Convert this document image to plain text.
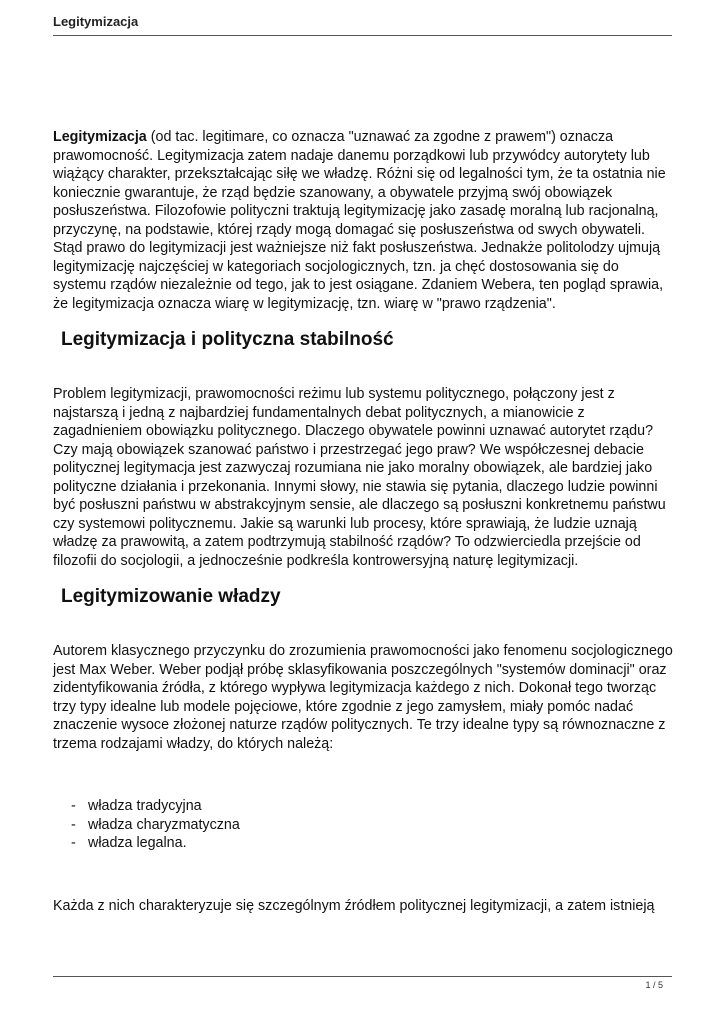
Legitymizacja

Legitymizacja (od tac. legitimare, co oznacza "uznawać za zgodne z prawem") oznacza prawomocność. Legitymizacja zatem nadaje danemu porządkowi lub przywódcy autorytety lub wiążący charakter, przekształcając siłę we władzę. Różni się od legalności tym, że ta ostatnia nie koniecznie gwarantuje, że rząd będzie szanowany, a obywatele przyjmą swój obowiązek posłuszeństwa. Filozofowie polityczni traktują legitymizację jako zasadę moralną lub racjonalną, przyczynę, na podstawie, której rządy mogą domagać się posłuszeństwa od swych obywateli. Stąd prawo do legitymizacji jest ważniejsze niż fakt posłuszeństwa. Jednakże politolodzy ujmują legitymizację najczęściej w kategoriach socjologicznych, tzn. ja chęć dostosowania się do systemu rządów niezależnie od tego, jak to jest osiągane. Zdaniem Webera, ten pogląd sprawia, że legitymizacja oznacza wiarę w legitymizację, tzn. wiarę w "prawo rządzenia".

Legitymizacja i polityczna stabilność

Problem legitymizacji, prawomocności reżimu lub systemu politycznego, połączony jest z najstarszą i jedną z najbardziej fundamentalnych debat politycznych, a mianowicie z zagadnieniem obowiązku politycznego. Dlaczego obywatele powinni uznawać autorytet rządu? Czy mają obowiązek szanować państwo i przestrzegać jego praw? We współczesnej debacie politycznej legitymacja jest zazwyczaj rozumiana nie jako moralny obowiązek, ale bardziej jako polityczne działania i przekonania. Innymi słowy, nie stawia się pytania, dlaczego ludzie powinni być posłuszni państwu w abstrakcyjnym sensie, ale dlaczego są posłuszni konkretnemu państwu czy systemowi politycznemu. Jakie są warunki lub procesy, które sprawiają, że ludzie uznają władzę za prawowitą, a zatem podtrzymują stabilność rządów? To odzwierciedla przejście od filozofii do socjologii, a jednocześnie podkreśla kontrowersyjną naturę legitymizacji.

Legitymizowanie władzy

Autorem klasycznego przyczynku do zrozumienia prawomocności jako fenomenu socjologicznego jest Max Weber. Weber podjął próbę sklasyfikowania poszczególnych "systemów dominacji" oraz zidentyfikowania źródła, z którego wypływa legitymizacja każdego z nich. Dokonał tego tworząc trzy typy idealne lub modele pojęciowe, które zgodnie z jego zamysłem, miały pomóc nadać znaczenie wysoce złożonej naturze rządów politycznych. Te trzy idealne typy są równoznaczne z trzema rodzajami władzy, do których należą:

- władza tradycyjna
- władza charyzmatyczna
- władza legalna.

Każda z nich charakteryzuje się szczególnym źródłem politycznej legitymizacji, a zatem istnieją

1 / 5
